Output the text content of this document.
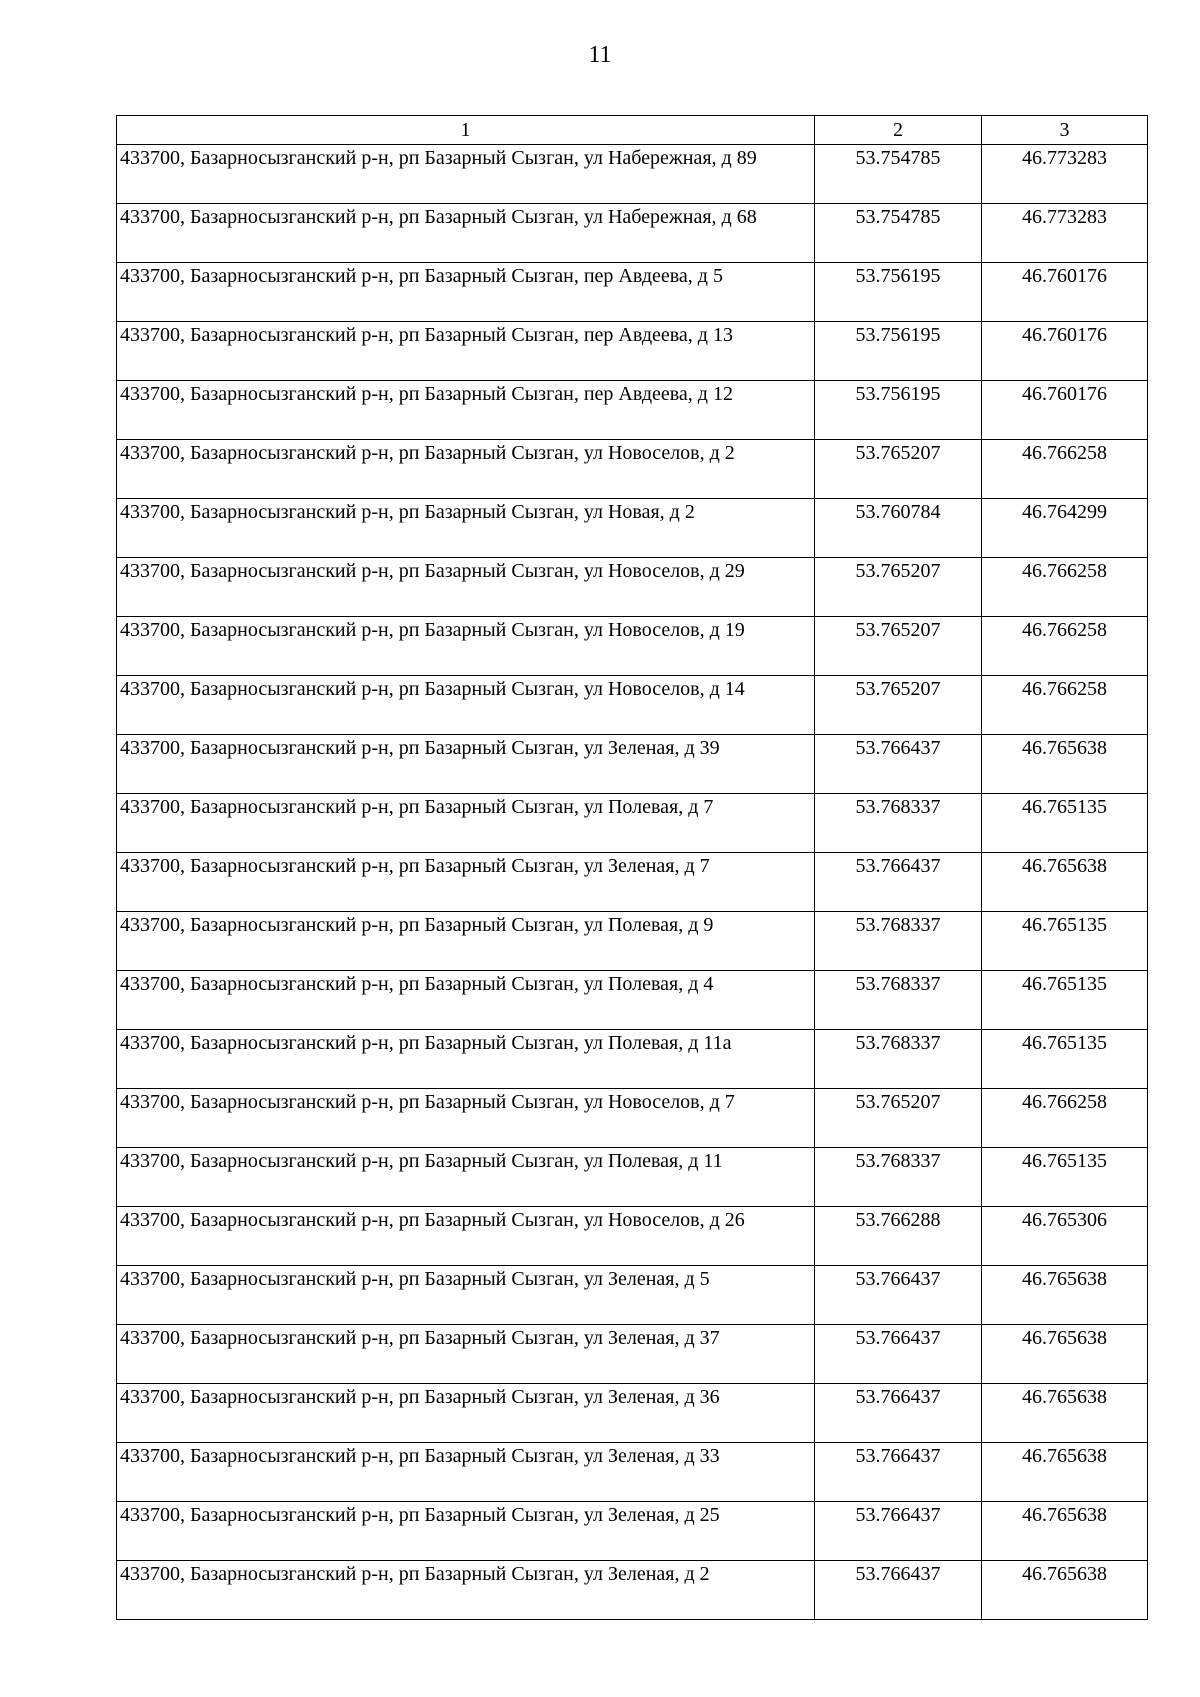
11
1	2	3
433700, Базарносызганский р-н, рп Базарный Сызган, ул Набережная, д 89	53.754785	46.773283
433700, Базарносызганский р-н, рп Базарный Сызган, ул Набережная, д 68	53.754785	46.773283
433700, Базарносызганский р-н, рп Базарный Сызган, пер Авдеева, д 5	53.756195	46.760176
433700, Базарносызганский р-н, рп Базарный Сызган, пер Авдеева, д 13	53.756195	46.760176
433700, Базарносызганский р-н, рп Базарный Сызган, пер Авдеева, д 12	53.756195	46.760176
433700, Базарносызганский р-н, рп Базарный Сызган, ул Новоселов, д 2	53.765207	46.766258
433700, Базарносызганский р-н, рп Базарный Сызган, ул Новая, д 2	53.760784	46.764299
433700, Базарносызганский р-н, рп Базарный Сызган, ул Новоселов, д 29	53.765207	46.766258
433700, Базарносызганский р-н, рп Базарный Сызган, ул Новоселов, д 19	53.765207	46.766258
433700, Базарносызганский р-н, рп Базарный Сызган, ул Новоселов, д 14	53.765207	46.766258
433700, Базарносызганский р-н, рп Базарный Сызган, ул Зеленая, д 39	53.766437	46.765638
433700, Базарносызганский р-н, рп Базарный Сызган, ул Полевая, д 7	53.768337	46.765135
433700, Базарносызганский р-н, рп Базарный Сызган, ул Зеленая, д 7	53.766437	46.765638
433700, Базарносызганский р-н, рп Базарный Сызган, ул Полевая, д 9	53.768337	46.765135
433700, Базарносызганский р-н, рп Базарный Сызган, ул Полевая, д 4	53.768337	46.765135
433700, Базарносызганский р-н, рп Базарный Сызган, ул Полевая, д 11а	53.768337	46.765135
433700, Базарносызганский р-н, рп Базарный Сызган, ул Новоселов, д 7	53.765207	46.766258
433700, Базарносызганский р-н, рп Базарный Сызган, ул Полевая, д 11	53.768337	46.765135
433700, Базарносызганский р-н, рп Базарный Сызган, ул Новоселов, д 26	53.766288	46.765306
433700, Базарносызганский р-н, рп Базарный Сызган, ул Зеленая, д 5	53.766437	46.765638
433700, Базарносызганский р-н, рп Базарный Сызган, ул Зеленая, д 37	53.766437	46.765638
433700, Базарносызганский р-н, рп Базарный Сызган, ул Зеленая, д 36	53.766437	46.765638
433700, Базарносызганский р-н, рп Базарный Сызган, ул Зеленая, д 33	53.766437	46.765638
433700, Базарносызганский р-н, рп Базарный Сызган, ул Зеленая, д 25	53.766437	46.765638
433700, Базарносызганский р-н, рп Базарный Сызган, ул Зеленая, д 2	53.766437	46.765638
